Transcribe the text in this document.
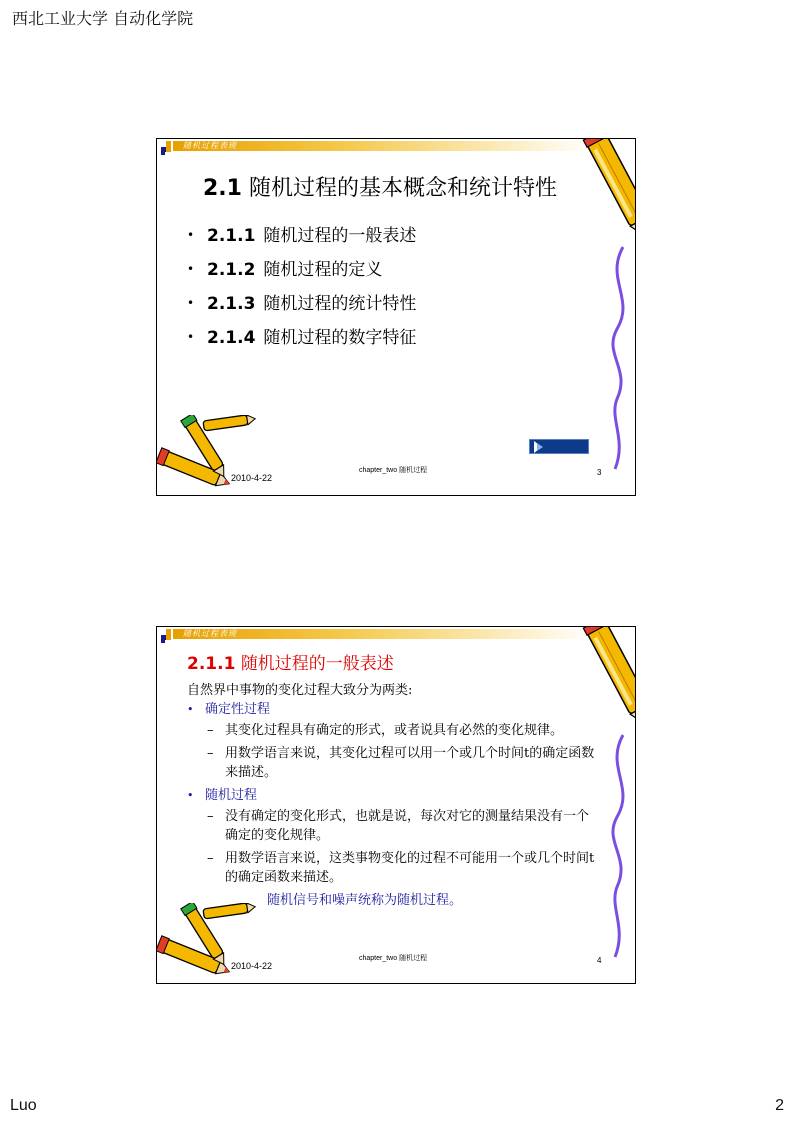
西北工业大学 自动化学院
随机过程表现
2.1 随机过程的基本概念和统计特性
• 2.1.1 随机过程的一般表述
• 2.1.2 随机过程的定义
• 2.1.3 随机过程的统计特性
• 2.1.4 随机过程的数字特征
2010-4-22
chapter_two 随机过程	3
随机过程表现
2.1.1 随机过程的一般表述

自然界中事物的变化过程大致分为两类:

• 确定性过程

– 其变化过程具有确定的形式，或者说具有必然的变化规律。

– 用数学语言来说，其变化过程可以用一个或几个时间t的确定函数来描述。

• 随机过程

– 没有确定的变化形式，也就是说，每次对它的测量结果没有一个确定的变化规律。

– 用数学语言来说，这类事物变化的过程不可能用一个或几个时间t的确定函数来描述。

随机信号和噪声统称为随机过程。

2010-4-22
chapter_two 随机过程	4
Luo	2
